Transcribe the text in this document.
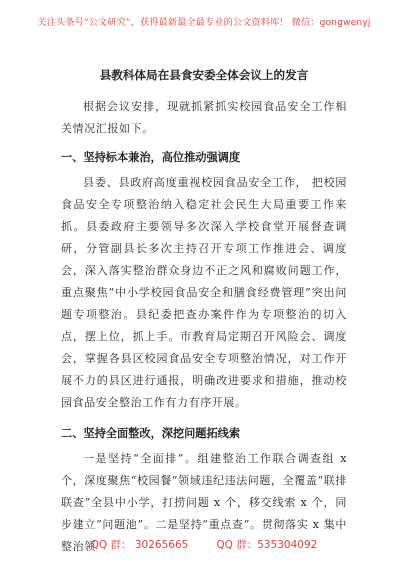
关注头条号“公文研究”，获得最新最全最专业的公文资料库！ 微信：gongwenyj
县教科体局在县食安委全体会议上的发言

根据会议安排，现就抓紧抓实校园食品安全工作相关情况汇报如下。

一、坚持标本兼治，高位推动强调度

县委、县政府高度重视校园食品安全工作， 把校园食品安全专项整治纳入稳定社会民生大局重要工作来抓。县委政府主要领导多次深入学校食堂开展督查调研，分管副县长多次主持召开专项工作推进会、调度会，深入落实整治群众身边不正之风和腐败问题工作，重点聚焦“中小学校园食品安全和膳食经费管理”突出问题专项整治。县纪委把查办案件作为专项整治的切入点，摆上位，抓上手。市教育局定期召开风险会、调度会，掌握各县区校园食品安全专项整治情况，对工作开展不力的县区进行通报，明确改进要求和措施，推动校园食品安全整治工作有力有序开展。

二、坚持全面整改，深挖问题拓线索

一是坚持“全面排”。组建整治工作联合调查组 x 个，深度聚焦“校园餐”领域违纪违法问题，全覆盖“联排联查”全县中小学，打捞问题 x 个，移交线索 x 个，同步建立“问题池”。二是坚持“重点查”。贯彻落实 x 集中整治领

QQ 群： 30265665	QQ 群：535304092
